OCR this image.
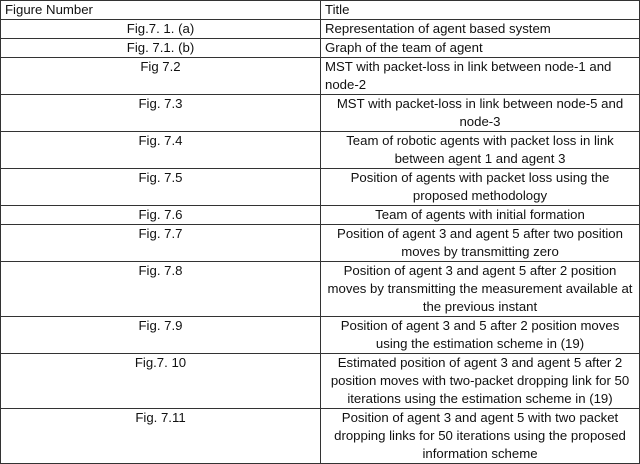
Figure Number	Title
Fig.7. 1. (a)	Representation of agent based system
Fig. 7.1. (b)	Graph of the team of agent
Fig 7.2	MST with packet-loss in link between node-1 and node-2
Fig. 7.3	MST with packet-loss in link between node-5 and node-3
Fig. 7.4	Team of robotic agents with packet loss in link between agent 1 and agent 3
Fig. 7.5	Position of agents with packet loss using the proposed methodology
Fig. 7.6	Team of agents with initial formation
Fig. 7.7	Position of agent 3 and agent 5 after two position moves by transmitting zero
Fig. 7.8	Position of agent 3 and agent 5 after 2 position moves by transmitting the measurement available at the previous instant
Fig. 7.9	Position of agent 3 and 5 after 2 position moves using the estimation scheme in (19)
Fig.7. 10	Estimated position of agent 3 and agent 5 after 2 position moves with two-packet dropping link for 50 iterations using the estimation scheme in (19)
Fig. 7.11	Position of agent 3 and agent 5 with two packet dropping links for 50 iterations using the proposed information scheme
